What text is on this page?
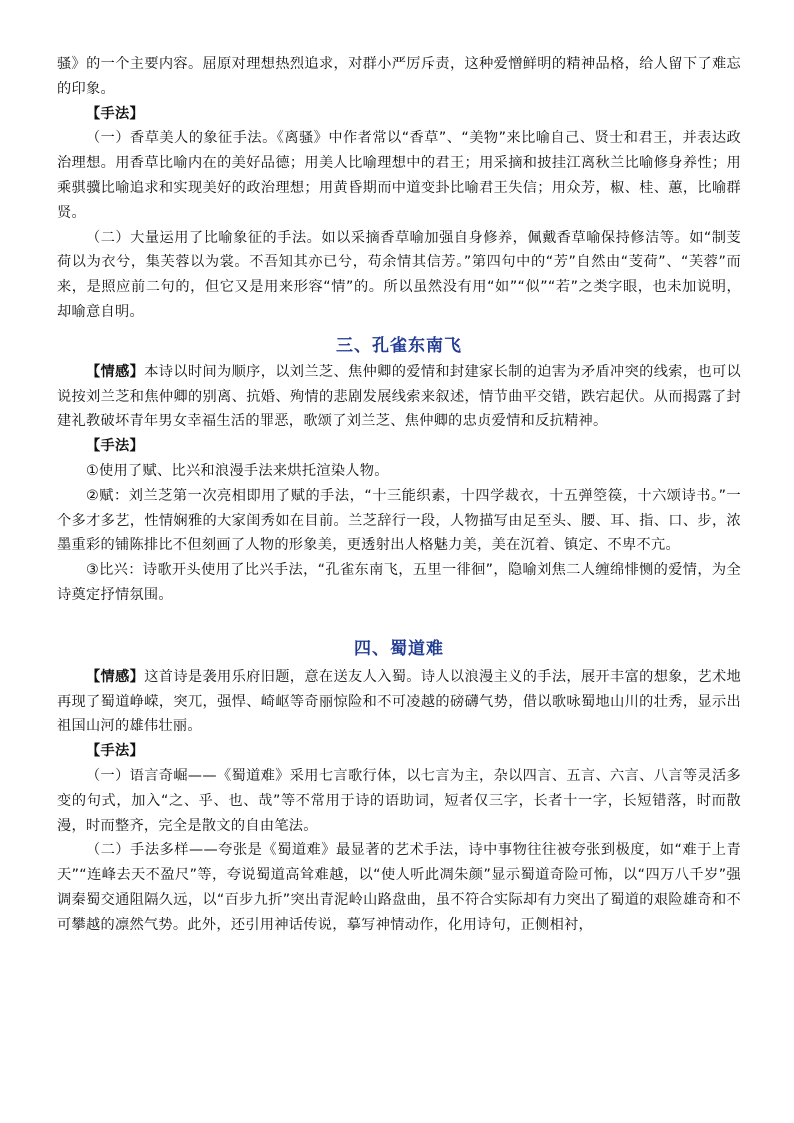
骚》的一个主要内容。屈原对理想热烈追求，对群小严厉斥责，这种爱憎鲜明的精神品格，给人留下了难忘的印象。

【手法】

（一）香草美人的象征手法。《离骚》中作者常以“香草”、“美物”来比喻自己、贤士和君王，并表达政治理想。用香草比喻内在的美好品德；用美人比喻理想中的君王；用采摘和披挂江离秋兰比喻修身养性；用乘骐骥比喻追求和实现美好的政治理想；用黄昏期而中道变卦比喻君王失信；用众芳，椒、桂、蕙，比喻群贤。

（二）大量运用了比喻象征的手法。如以采摘香草喻加强自身修养，佩戴香草喻保持修洁等。如“制芰荷以为衣兮，集芙蓉以为裳。不吾知其亦已兮，苟余情其信芳。”第四句中的“芳”自然由“芰荷”、“芙蓉”而来，是照应前二句的，但它又是用来形容“情”的。所以虽然没有用“如”“似”“若”之类字眼，也未加说明，却喻意自明。

三、孔雀东南飞

【情感】本诗以时间为顺序，以刘兰芝、焦仲卿的爱情和封建家长制的迫害为矛盾冲突的线索，也可以说按刘兰芝和焦仲卿的别离、抗婚、殉情的悲剧发展线索来叙述，情节曲平交错，跌宕起伏。从而揭露了封建礼教破坏青年男女幸福生活的罪恶，歌颂了刘兰芝、焦仲卿的忠贞爱情和反抗精神。

【手法】

①使用了赋、比兴和浪漫手法来烘托渲染人物。

②赋：刘兰芝第一次亮相即用了赋的手法，“十三能织素，十四学裁衣，十五弹箜篌，十六颂诗书。”一个多才多艺，性情娴雅的大家闺秀如在目前。兰芝辞行一段，人物描写由足至头、腰、耳、指、口、步，浓墨重彩的铺陈排比不但刻画了人物的形象美，更透射出人格魅力美，美在沉着、镇定、不卑不亢。

③比兴：诗歌开头使用了比兴手法，“孔雀东南飞，五里一徘徊”，隐喻刘焦二人缠绵悱恻的爱情，为全诗奠定抒情氛围。

四、蜀道难

【情感】这首诗是袭用乐府旧题，意在送友人入蜀。诗人以浪漫主义的手法，展开丰富的想象，艺术地再现了蜀道峥嵘，突兀，强悍、崎岖等奇丽惊险和不可凌越的磅礴气势，借以歌咏蜀地山川的壮秀，显示出祖国山河的雄伟壮丽。

【手法】

（一）语言奇崛——《蜀道难》采用七言歌行体，以七言为主，杂以四言、五言、六言、八言等灵活多变的句式，加入“之、乎、也、哉”等不常用于诗的语助词，短者仅三字，长者十一字，长短错落，时而散漫，时而整齐，完全是散文的自由笔法。

（二）手法多样——夸张是《蜀道难》最显著的艺术手法，诗中事物往往被夸张到极度，如“难于上青天”“连峰去天不盈尺”等，夸说蜀道高耸难越，以“使人听此凋朱颜”显示蜀道奇险可怖，以“四万八千岁”强调秦蜀交通阻隔久远，以“百步九折”突出青泥岭山路盘曲，虽不符合实际却有力突出了蜀道的艰险雄奇和不可攀越的凛然气势。此外，还引用神话传说，摹写神情动作，化用诗句，正侧相衬，
